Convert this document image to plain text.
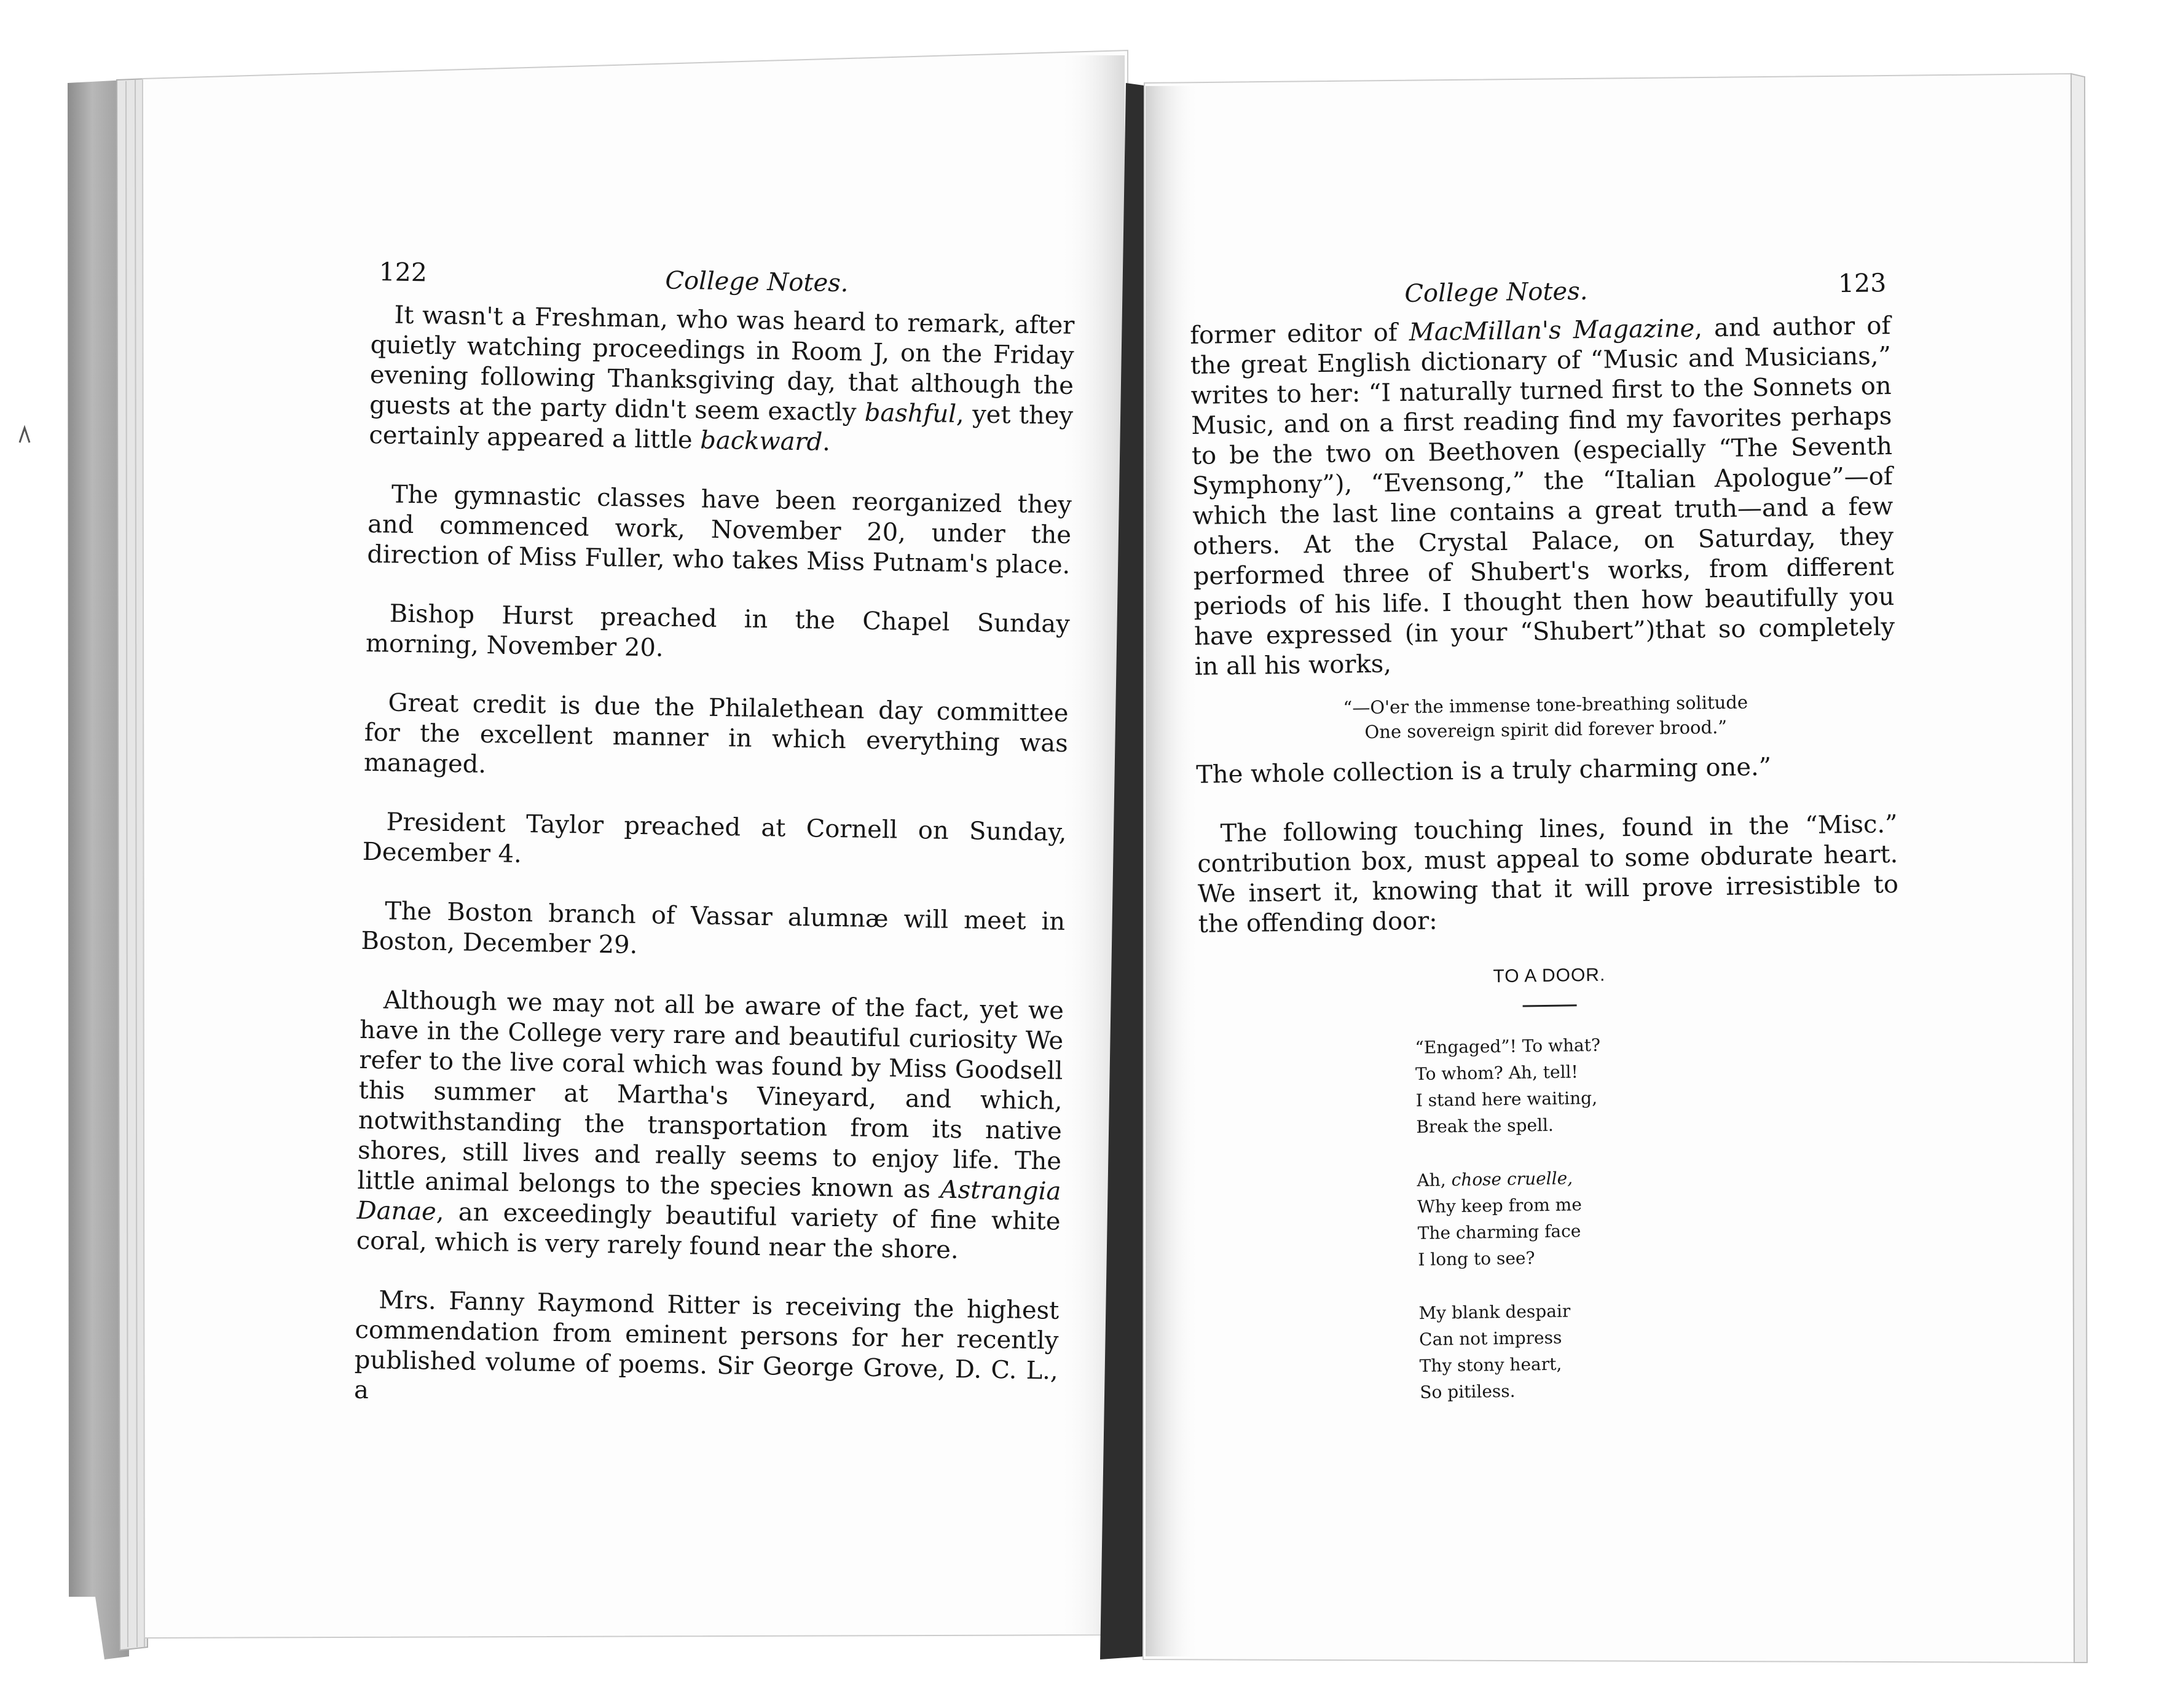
122	College Notes.

It wasn't a Freshman, who was heard to remark, after quietly watching proceedings in Room J, on the Friday evening following Thanksgiving day, that although the guests at the party didn't seem exactly bashful, yet they certainly appeared a little backward.

The gymnastic classes have been reorganized they and commenced work, November 20, under the direction of Miss Fuller, who takes Miss Putnam's place.

Bishop Hurst preached in the Chapel Sunday morning, November 20.

Great credit is due the Philalethean day committee for the excellent manner in which everything was managed.

President Taylor preached at Cornell on Sunday, December 4.

The Boston branch of Vassar alumnæ will meet in Boston, December 29.

Although we may not all be aware of the fact, yet we have in the College very rare and beautiful curiosity We refer to the live coral which was found by Miss Goodsell this summer at Martha's Vineyard, and which, notwithstanding the transportation from its native shores, still lives and really seems to enjoy life. The little animal belongs to the species known as Astrangia Danae, an exceedingly beautiful variety of fine white coral, which is very rarely found near the shore.

Mrs. Fanny Raymond Ritter is receiving the highest commendation from eminent persons for her recently published volume of poems. Sir George Grove, D. C. L., a

College Notes.	123

former editor of MacMillan's Magazine, and author of the great English dictionary of “Music and Musicians,” writes to her: “I naturally turned first to the Sonnets on Music, and on a first reading find my favorites perhaps to be the two on Beethoven (especially “The Seventh Symphony”), “Evensong,” the “Italian Apologue”—of which the last line contains a great truth—and a few others. At the Crystal Palace, on Saturday, they performed three of Shubert's works, from different periods of his life. I thought then how beautifully you have expressed (in your “Shubert”)that so completely in all his works,

“—O'er the immense tone-breathing solitude
One sovereign spirit did forever brood.”

The whole collection is a truly charming one.”

The following touching lines, found in the “Misc.” contribution box, must appeal to some obdurate heart. We insert it, knowing that it will prove irresistible to the offending door:

TO A DOOR.
“Engaged”! To what?
To whom? Ah, tell!
I stand here waiting,
Break the spell.
Ah, chose cruelle,
Why keep from me
The charming face
I long to see?
My blank despair
Can not impress
Thy stony heart,
So pitiless.
